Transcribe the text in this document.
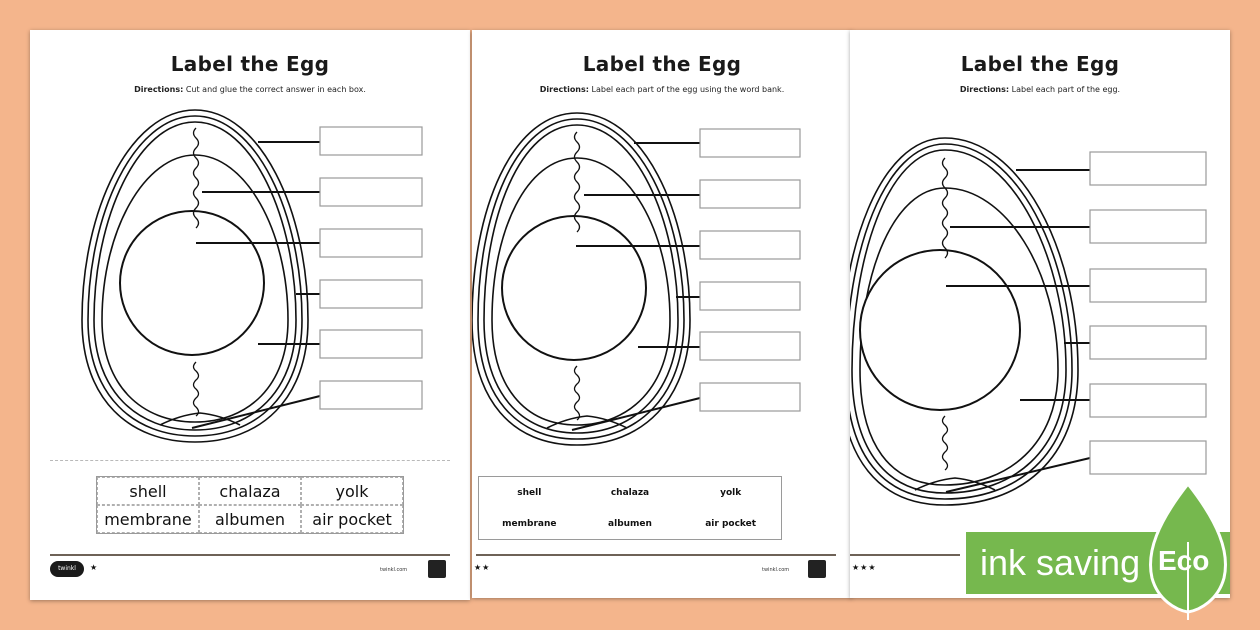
Label the Egg

Directions: Cut and glue the correct answer in each box.

shell	chalaza	yolk
membrane	albumen	air pocket
twinkl	★	twinkl.com
Label the Egg

Directions: Label each part of the egg using the word bank.

shell	chalaza	yolk
membrane	albumen	air pocket
★★	twinkl.com
Label the Egg

Directions: Label each part of the egg.

★★★	ink saving Eco
